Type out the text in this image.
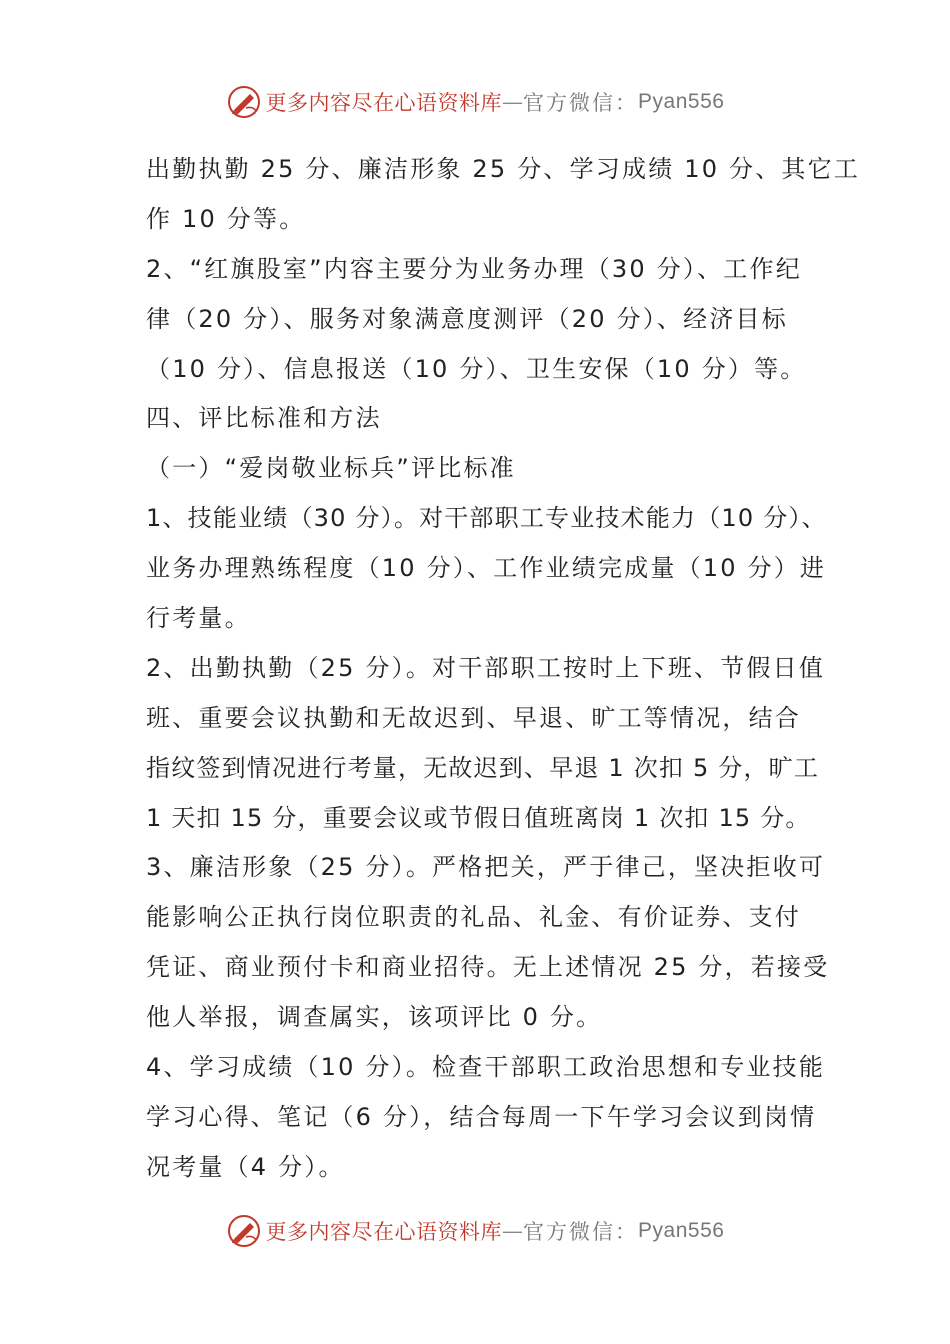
更多内容尽在心语资料库 — 官方微信： Pyan556
出勤执勤 25 分、廉洁形象 25 分、学习成绩 10 分、其它工
作 10 分等。
2、“红旗股室”内容主要分为业务办理（30 分）、工作纪
律（20 分）、服务对象满意度测评（20 分）、经济目标
（10 分）、信息报送（10 分）、卫生安保（10 分）等。
四、评比标准和方法
（一）“爱岗敬业标兵”评比标准
1、技能业绩（30 分）。对干部职工专业技术能力（10 分）、
业务办理熟练程度（10 分）、工作业绩完成量（10 分）进
行考量。
2、出勤执勤（25 分）。对干部职工按时上下班、节假日值
班、重要会议执勤和无故迟到、早退、旷工等情况，结合
指纹签到情况进行考量，无故迟到、早退 1 次扣 5 分，旷工
1 天扣 15 分，重要会议或节假日值班离岗 1 次扣 15 分。
3、廉洁形象（25 分）。严格把关，严于律己，坚决拒收可
能影响公正执行岗位职责的礼品、礼金、有价证券、支付
凭证、商业预付卡和商业招待。无上述情况 25 分，若接受
他人举报，调查属实，该项评比 0 分。
4、学习成绩（10 分）。检查干部职工政治思想和专业技能
学习心得、笔记（6 分），结合每周一下午学习会议到岗情
况考量（4 分）。
更多内容尽在心语资料库 — 官方微信： Pyan556
